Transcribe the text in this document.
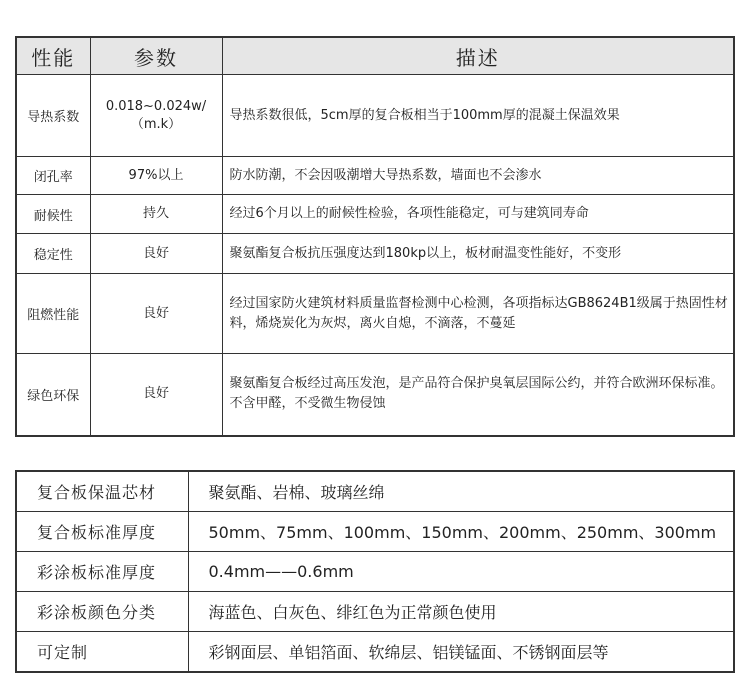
性能	参数	描述
导热系数	0.018~0.024w/（m.k）	导热系数很低，5cm厚的复合板相当于100mm厚的混凝土保温效果
闭孔率	97%以上	防水防潮，不会因吸潮增大导热系数，墙面也不会渗水
耐候性	持久	经过6个月以上的耐候性检验，各项性能稳定，可与建筑同寿命
稳定性	良好	聚氨酯复合板抗压强度达到180kp以上，板材耐温变性能好，不变形
阻燃性能	良好	经过国家防火建筑材料质量监督检测中心检测，各项指标达GB8624B1级属于热固性材料，烯烧炭化为灰烬，离火自熄，不滴落，不蔓延
绿色环保	良好	聚氨酯复合板经过高压发泡，是产品符合保护臭氧层国际公约，并符合欧洲环保标准。不含甲醛，不受微生物侵蚀
复合板保温芯材	聚氨酯、岩棉、玻璃丝绵
复合板标准厚度	50mm、75mm、100mm、150mm、200mm、250mm、300mm
彩涂板标准厚度	0.4mm——0.6mm
彩涂板颜色分类	海蓝色、白灰色、绯红色为正常颜色使用
可定制	彩钢面层、单铝箔面、软绵层、铝镁锰面、不锈钢面层等
